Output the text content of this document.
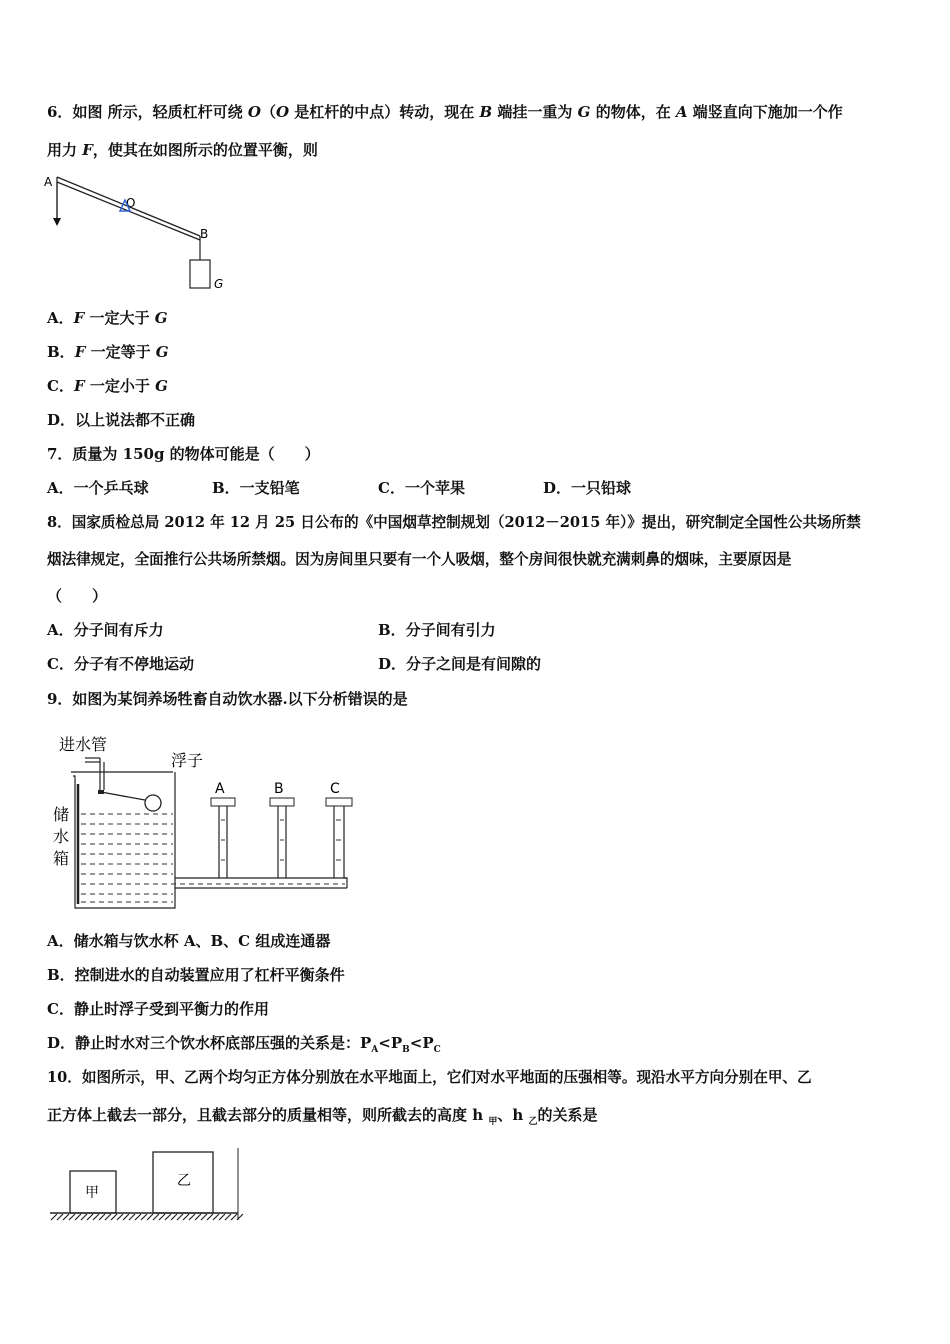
6．如图 所示，轻质杠杆可绕 O（O 是杠杆的中点）转动，现在 B 端挂一重为 G 的物体，在 A 端竖直向下施加一个作
用力 F，使其在如图所示的位置平衡，则
A
O
B
G
A．F 一定大于 G
B．F 一定等于 G
C．F 一定小于 G
D．以上说法都不正确
7．质量为 150g 的物体可能是（　　）
A．一个乒乓球	B．一支铅笔	C．一个苹果	D．一只铅球
8．国家质检总局 2012 年 12 月 25 日公布的《中国烟草控制规划（2012－2015 年）》提出，研究制定全国性公共场所禁
烟法律规定，全面推行公共场所禁烟。因为房间里只要有一个人吸烟，整个房间很快就充满刺鼻的烟味，主要原因是
（　　）
A．分子间有斥力	B．分子间有引力
C．分子有不停地运动	D．分子之间是有间隙的
9．如图为某饲养场牲畜自动饮水器.以下分析错误的是
进水管
浮子
储
水
箱
A	B	C
A．储水箱与饮水杯 A、B、C 组成连通器
B．控制进水的自动装置应用了杠杆平衡条件
C．静止时浮子受到平衡力的作用
D．静止时水对三个饮水杯底部压强的关系是：$P_A<P_B<P_C$
10．如图所示，甲、乙两个均匀正方体分别放在水平地面上，它们对水平地面的压强相等。现沿水平方向分别在甲、乙
正方体上截去一部分，且截去部分的质量相等，则所截去的高度 h $_甲$、h $_乙$的关系是
甲
乙
